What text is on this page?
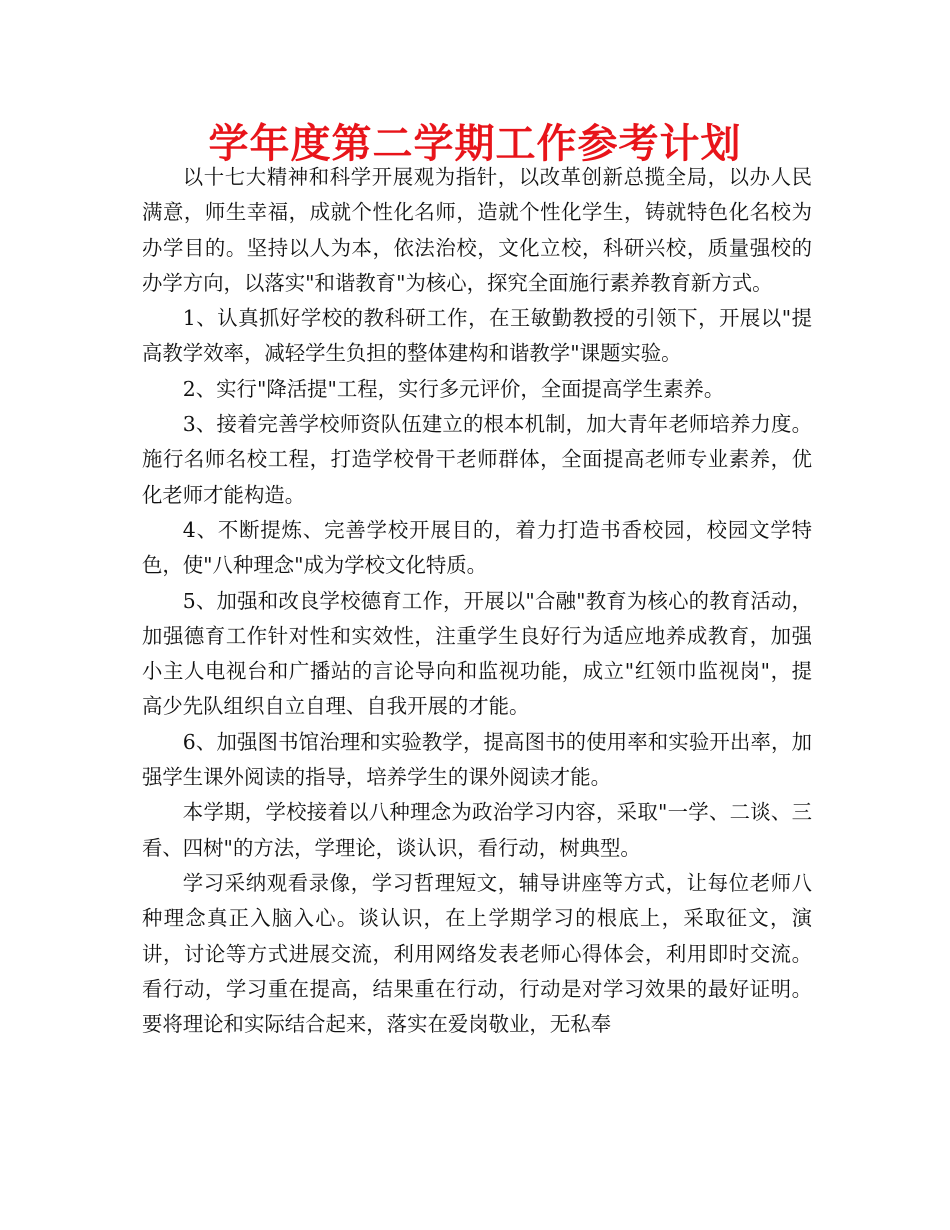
学年度第二学期工作参考计划

以十七大精神和科学开展观为指针，以改革创新总揽全局，以办人民满意，师生幸福，成就个性化名师，造就个性化学生，铸就特色化名校为办学目的。坚持以人为本，依法治校，文化立校，科研兴校，质量强校的办学方向，以落实"和谐教育"为核心，探究全面施行素养教育新方式。

1、认真抓好学校的教科研工作，在王敏勤教授的引领下，开展以"提高教学效率，减轻学生负担的整体建构和谐教学"课题实验。

2、实行"降活提"工程，实行多元评价，全面提高学生素养。

3、接着完善学校师资队伍建立的根本机制，加大青年老师培养力度。施行名师名校工程，打造学校骨干老师群体，全面提高老师专业素养，优化老师才能构造。

4、不断提炼、完善学校开展目的，着力打造书香校园，校园文学特色，使"八种理念"成为学校文化特质。

5、加强和改良学校德育工作，开展以"合融"教育为核心的教育活动，加强德育工作针对性和实效性，注重学生良好行为适应地养成教育，加强小主人电视台和广播站的言论导向和监视功能，成立"红领巾监视岗"，提高少先队组织自立自理、自我开展的才能。

6、加强图书馆治理和实验教学，提高图书的使用率和实验开出率，加强学生课外阅读的指导，培养学生的课外阅读才能。

本学期，学校接着以八种理念为政治学习内容，采取"一学、二谈、三看、四树"的方法，学理论，谈认识，看行动，树典型。

学习采纳观看录像，学习哲理短文，辅导讲座等方式，让每位老师八种理念真正入脑入心。谈认识，在上学期学习的根底上，采取征文，演讲，讨论等方式进展交流，利用网络发表老师心得体会，利用即时交流。看行动，学习重在提高，结果重在行动，行动是对学习效果的最好证明。要将理论和实际结合起来，落实在爱岗敬业，无私奉
